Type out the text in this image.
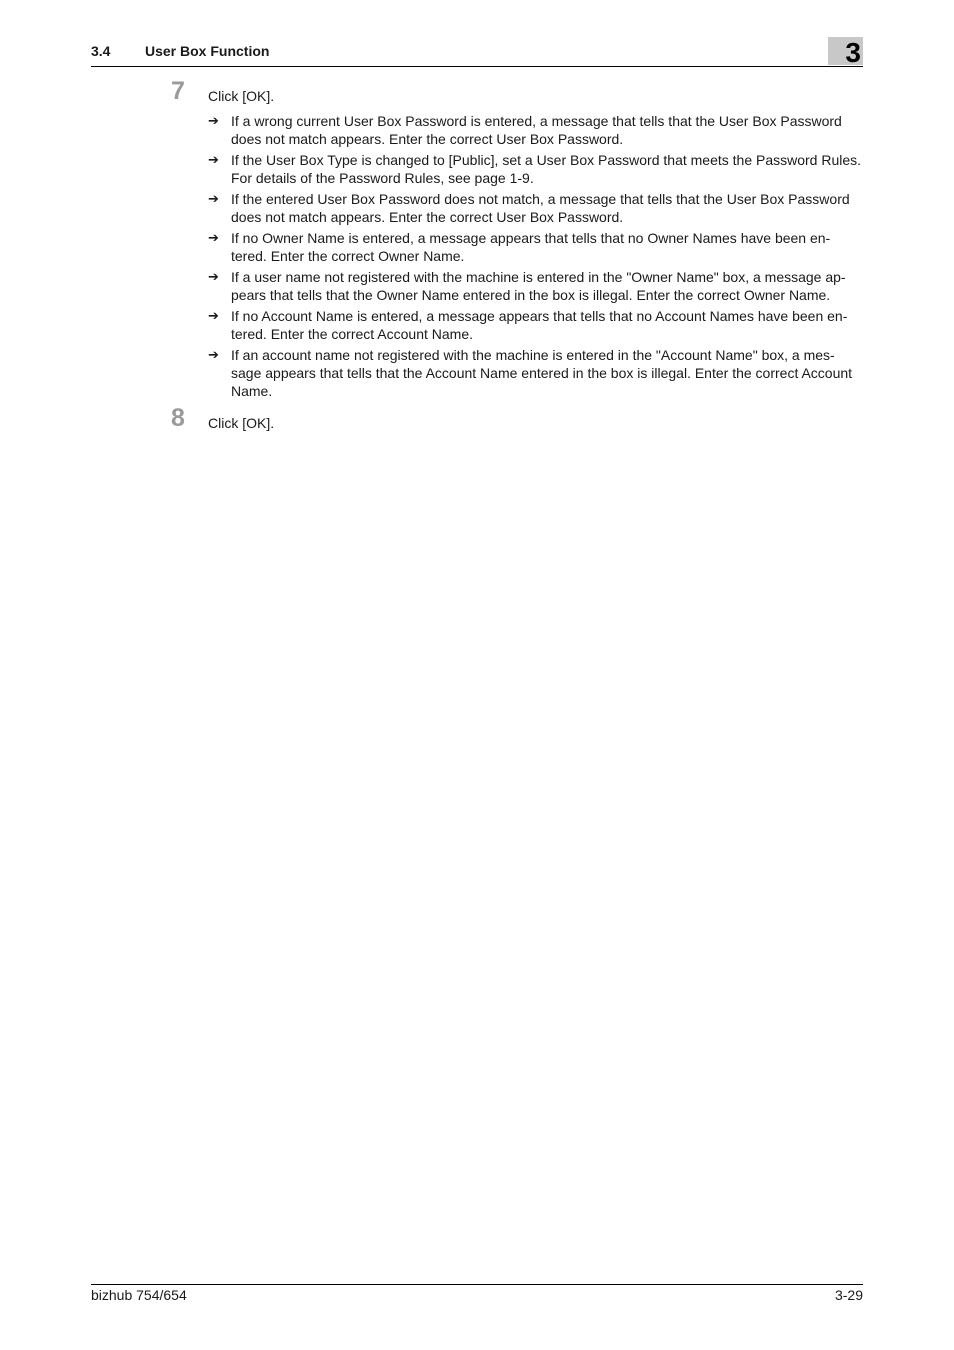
3.4 User Box Function	3
7 Click [OK].
➔ If a wrong current User Box Password is entered, a message that tells that the User Box Password does not match appears. Enter the correct User Box Password.
➔ If the User Box Type is changed to [Public], set a User Box Password that meets the Password Rules. For details of the Password Rules, see page 1-9.
➔ If the entered User Box Password does not match, a message that tells that the User Box Password does not match appears. Enter the correct User Box Password.
➔ If no Owner Name is entered, a message appears that tells that no Owner Names have been en-tered. Enter the correct Owner Name.
➔ If a user name not registered with the machine is entered in the "Owner Name" box, a message ap-pears that tells that the Owner Name entered in the box is illegal. Enter the correct Owner Name.
➔ If no Account Name is entered, a message appears that tells that no Account Names have been en-tered. Enter the correct Account Name.
➔ If an account name not registered with the machine is entered in the "Account Name" box, a mes-sage appears that tells that the Account Name entered in the box is illegal. Enter the correct Account Name.
8 Click [OK].
bizhub 754/654	3-29
